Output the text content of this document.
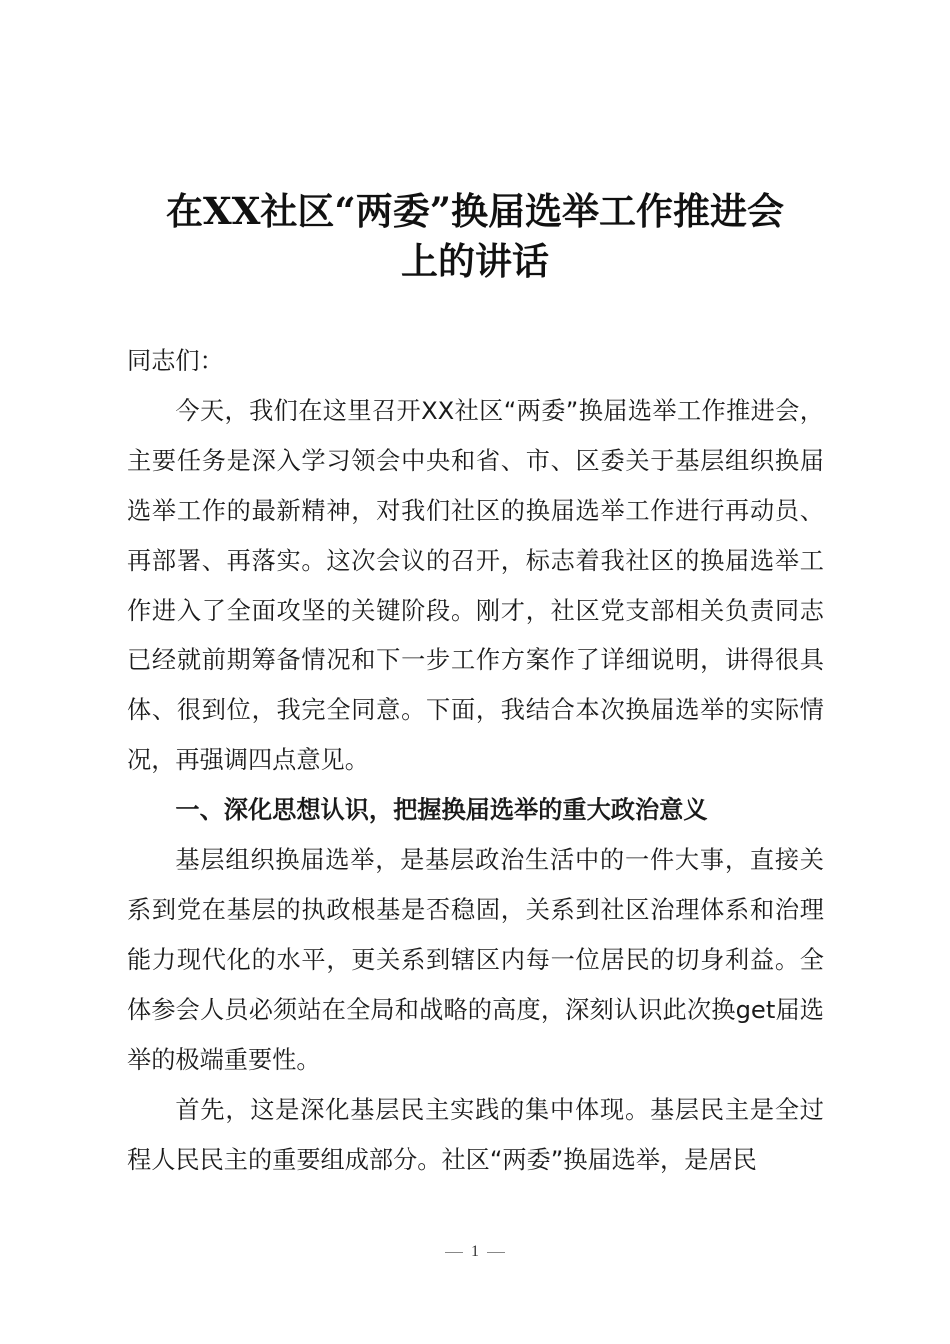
在XX社区“两委”换届选举工作推进会
上的讲话

同志们：

今天，我们在这里召开XX社区“两委”换届选举工作推进会，主要任务是深入学习领会中央和省、市、区委关于基层组织换届选举工作的最新精神，对我们社区的换届选举工作进行再动员、再部署、再落实。这次会议的召开，标志着我社区的换届选举工作进入了全面攻坚的关键阶段。刚才，社区党支部相关负责同志已经就前期筹备情况和下一步工作方案作了详细说明，讲得很具体、很到位，我完全同意。下面，我结合本次换届选举的实际情况，再强调四点意见。

一、深化思想认识，把握换届选举的重大政治意义

基层组织换届选举，是基层政治生活中的一件大事，直接关系到党在基层的执政根基是否稳固，关系到社区治理体系和治理能力现代化的水平，更关系到辖区内每一位居民的切身利益。全体参会人员必须站在全局和战略的高度，深刻认识此次换get届选举的极端重要性。

首先，这是深化基层民主实践的集中体现。基层民主是全过程人民民主的重要组成部分。社区“两委”换届选举，是居民

1
